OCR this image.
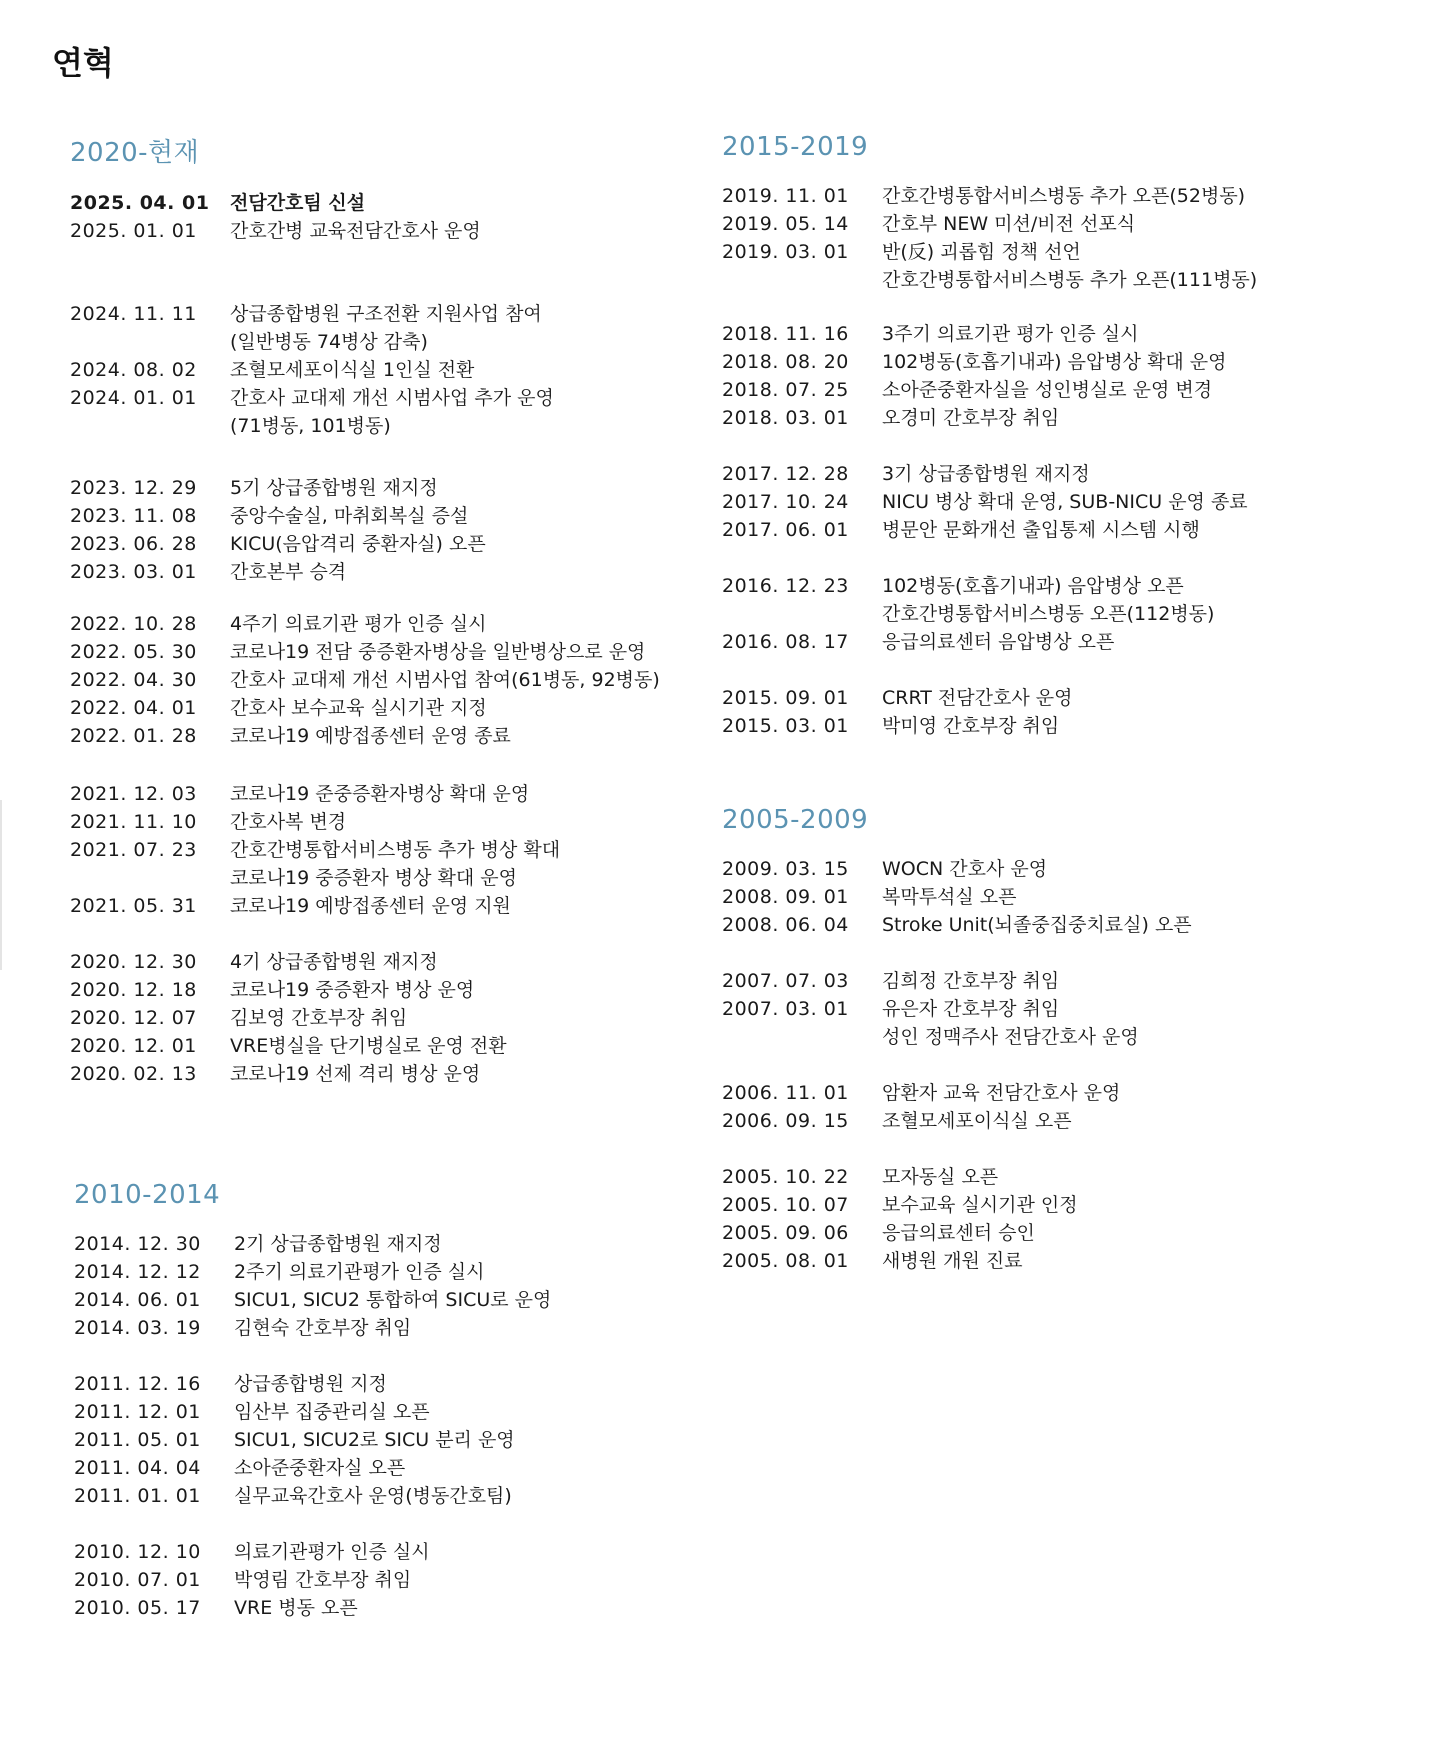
연혁
2020-현재
2025. 04. 01	전담간호팀 신설
2025. 01. 01	간호간병 교육전담간호사 운영
2024. 11. 11	상급종합병원 구조전환 지원사업 참여
(일반병동 74병상 감축)
2024. 08. 02	조혈모세포이식실 1인실 전환
2024. 01. 01	간호사 교대제 개선 시범사업 추가 운영
(71병동, 101병동)
2023. 12. 29	5기 상급종합병원 재지정
2023. 11. 08	중앙수술실, 마취회복실 증설
2023. 06. 28	KICU(음압격리 중환자실) 오픈
2023. 03. 01	간호본부 승격
2022. 10. 28	4주기 의료기관 평가 인증 실시
2022. 05. 30	코로나19 전담 중증환자병상을 일반병상으로 운영
2022. 04. 30	간호사 교대제 개선 시범사업 참여(61병동, 92병동)
2022. 04. 01	간호사 보수교육 실시기관 지정
2022. 01. 28	코로나19 예방접종센터 운영 종료
2021. 12. 03	코로나19 준중증환자병상 확대 운영
2021. 11. 10	간호사복 변경
2021. 07. 23	간호간병통합서비스병동 추가 병상 확대
코로나19 중증환자 병상 확대 운영
2021. 05. 31	코로나19 예방접종센터 운영 지원
2020. 12. 30	4기 상급종합병원 재지정
2020. 12. 18	코로나19 중증환자 병상 운영
2020. 12. 07	김보영 간호부장 취임
2020. 12. 01	VRE병실을 단기병실로 운영 전환
2020. 02. 13	코로나19 선제 격리 병상 운영
2010-2014
2014. 12. 30	2기 상급종합병원 재지정
2014. 12. 12	2주기 의료기관평가 인증 실시
2014. 06. 01	SICU1, SICU2 통합하여 SICU로 운영
2014. 03. 19	김현숙 간호부장 취임
2011. 12. 16	상급종합병원 지정
2011. 12. 01	임산부 집중관리실 오픈
2011. 05. 01	SICU1, SICU2로 SICU 분리 운영
2011. 04. 04	소아준중환자실 오픈
2011. 01. 01	실무교육간호사 운영(병동간호팀)
2010. 12. 10	의료기관평가 인증 실시
2010. 07. 01	박영림 간호부장 취임
2010. 05. 17	VRE 병동 오픈
2015-2019
2019. 11. 01	간호간병통합서비스병동 추가 오픈(52병동)
2019. 05. 14	간호부 NEW 미션/비전 선포식
2019. 03. 01	반(反) 괴롭힘 정책 선언
간호간병통합서비스병동 추가 오픈(111병동)
2018. 11. 16	3주기 의료기관 평가 인증 실시
2018. 08. 20	102병동(호흡기내과) 음압병상 확대 운영
2018. 07. 25	소아준중환자실을 성인병실로 운영 변경
2018. 03. 01	오경미 간호부장 취임
2017. 12. 28	3기 상급종합병원 재지정
2017. 10. 24	NICU 병상 확대 운영, SUB-NICU 운영 종료
2017. 06. 01	병문안 문화개선 출입통제 시스템 시행
2016. 12. 23	102병동(호흡기내과) 음압병상 오픈
간호간병통합서비스병동 오픈(112병동)
2016. 08. 17	응급의료센터 음압병상 오픈
2015. 09. 01	CRRT 전담간호사 운영
2015. 03. 01	박미영 간호부장 취임
2005-2009
2009. 03. 15	WOCN 간호사 운영
2008. 09. 01	복막투석실 오픈
2008. 06. 04	Stroke Unit(뇌졸중집중치료실) 오픈
2007. 07. 03	김희정 간호부장 취임
2007. 03. 01	유은자 간호부장 취임
성인 정맥주사 전담간호사 운영
2006. 11. 01	암환자 교육 전담간호사 운영
2006. 09. 15	조혈모세포이식실 오픈
2005. 10. 22	모자동실 오픈
2005. 10. 07	보수교육 실시기관 인정
2005. 09. 06	응급의료센터 승인
2005. 08. 01	새병원 개원 진료
